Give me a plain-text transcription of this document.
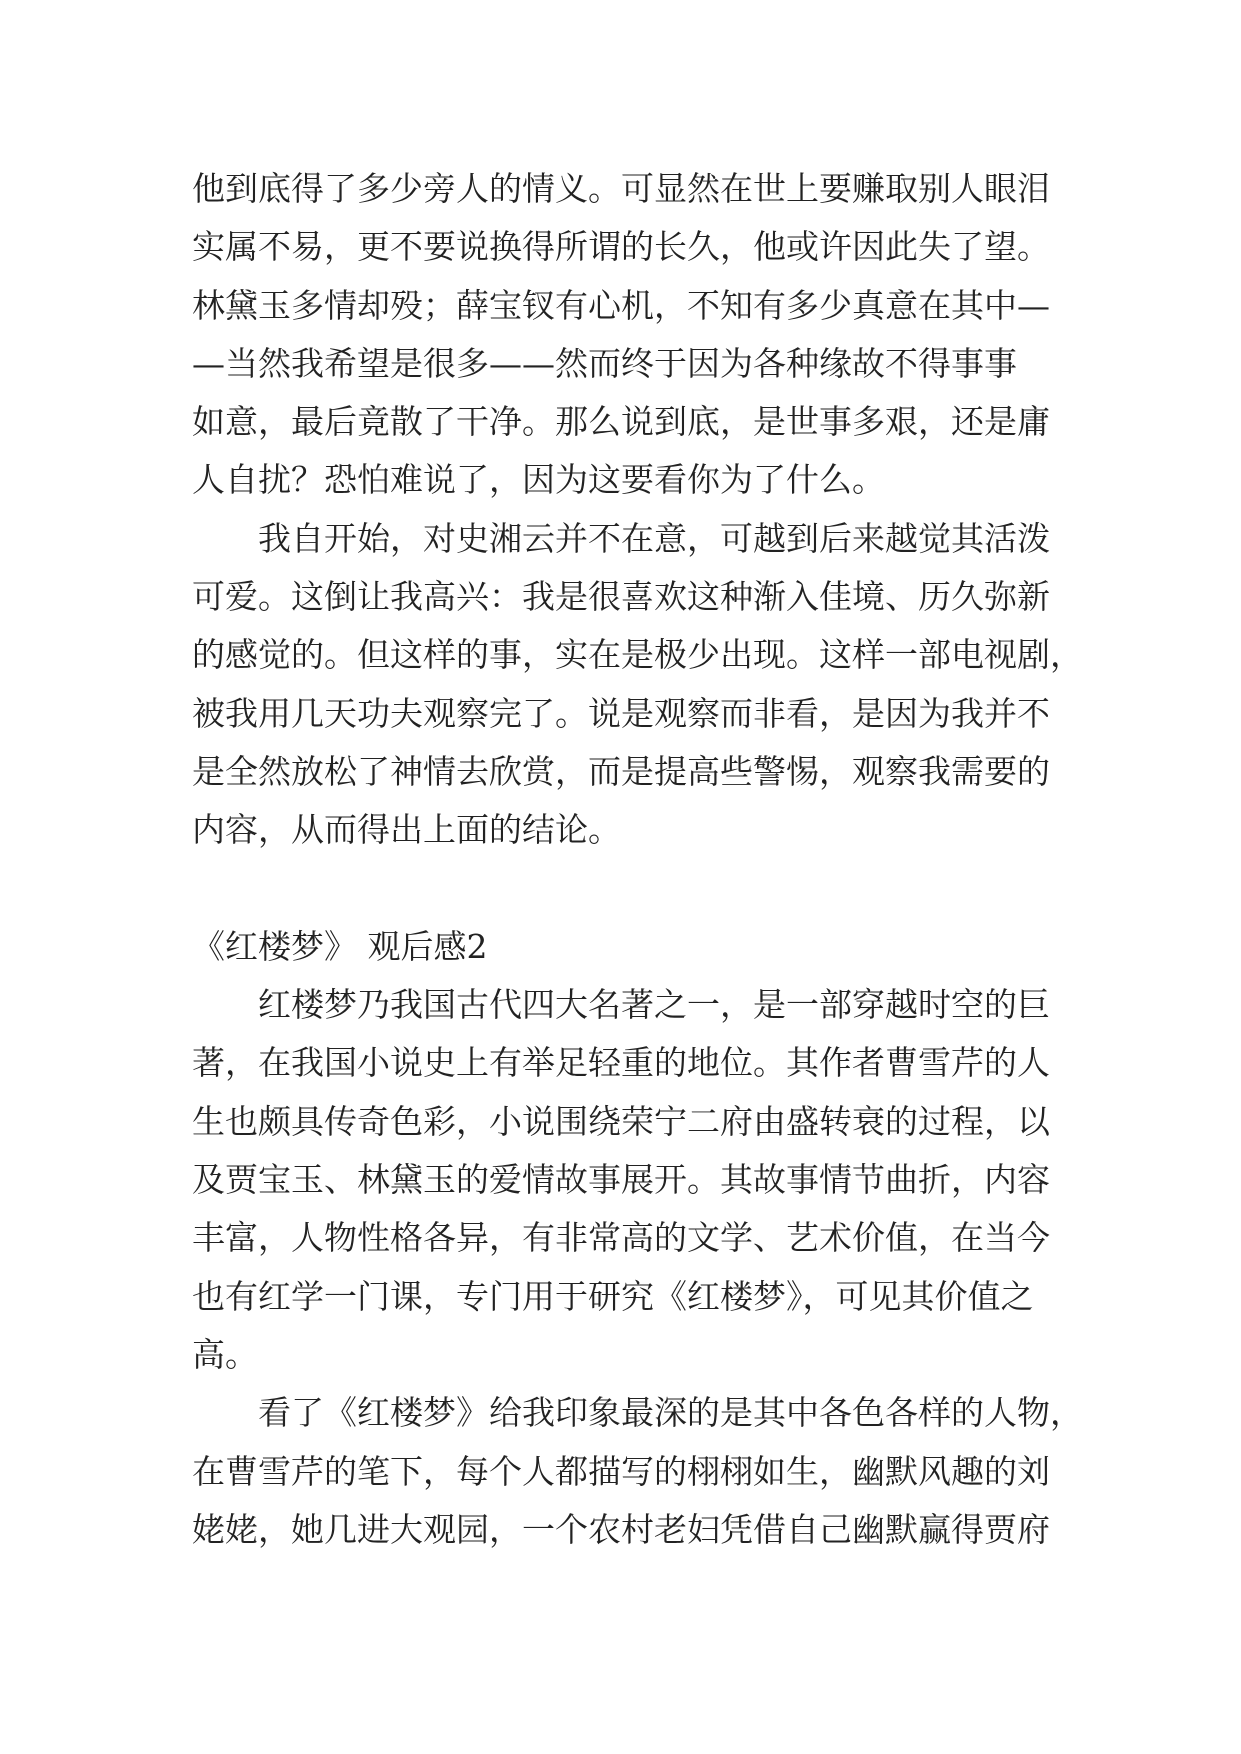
他到底得了多少旁人的情义。可显然在世上要赚取别人眼泪
实属不易，更不要说换得所谓的长久，他或许因此失了望。
林黛玉多情却殁；薛宝钗有心机，不知有多少真意在其中—
—当然我希望是很多——然而终于因为各种缘故不得事事
如意，最后竟散了干净。那么说到底，是世事多艰，还是庸
人自扰？恐怕难说了，因为这要看你为了什么。
我自开始，对史湘云并不在意，可越到后来越觉其活泼
可爱。这倒让我高兴：我是很喜欢这种渐入佳境、历久弥新
的感觉的。但这样的事，实在是极少出现。这样一部电视剧，
被我用几天功夫观察完了。说是观察而非看，是因为我并不
是全然放松了神情去欣赏，而是提高些警惕，观察我需要的
内容，从而得出上面的结论。
《红楼梦》 观后感2
红楼梦乃我国古代四大名著之一，是一部穿越时空的巨
著，在我国小说史上有举足轻重的地位。其作者曹雪芹的人
生也颇具传奇色彩，小说围绕荣宁二府由盛转衰的过程，以
及贾宝玉、林黛玉的爱情故事展开。其故事情节曲折，内容
丰富，人物性格各异，有非常高的文学、艺术价值，在当今
也有红学一门课，专门用于研究《红楼梦》，可见其价值之
高。
看了《红楼梦》给我印象最深的是其中各色各样的人物，
在曹雪芹的笔下，每个人都描写的栩栩如生，幽默风趣的刘
姥姥，她几进大观园，一个农村老妇凭借自己幽默赢得贾府
